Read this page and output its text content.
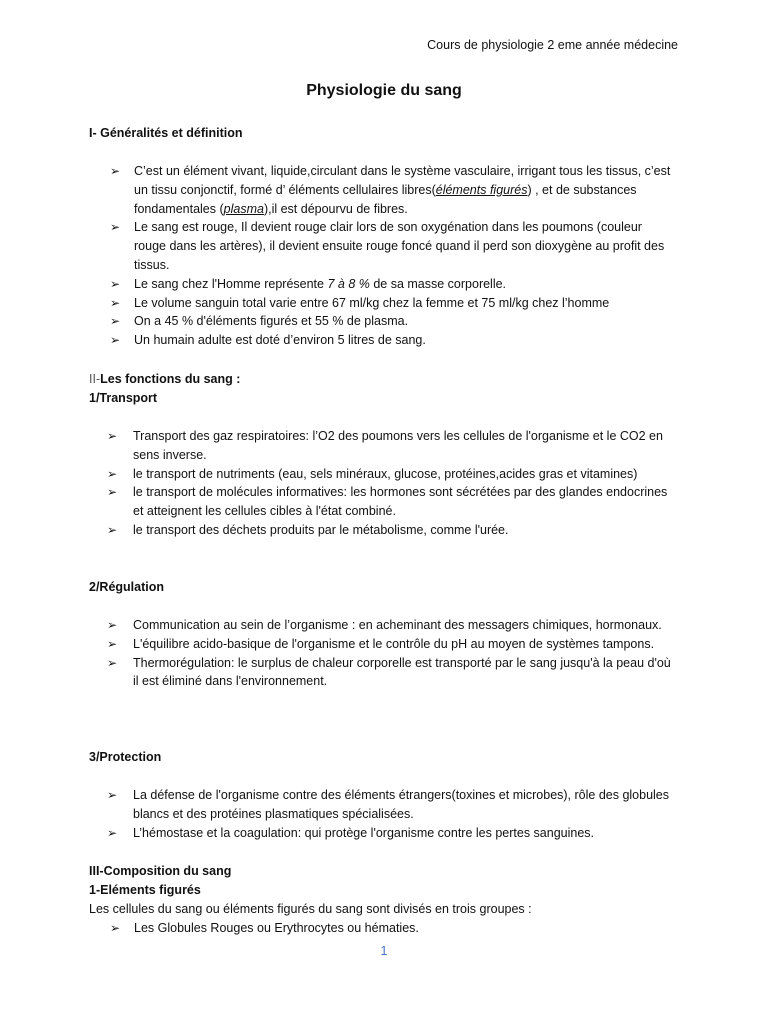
Cours de physiologie 2 eme année médecine
Physiologie du sang
I- Généralités et définition
➢	C’est un élément vivant, liquide,circulant dans le système vasculaire, irrigant tous les tissus, c’est un tissu conjonctif, formé d’ éléments cellulaires libres(éléments figurés) , et de substances fondamentales (plasma),il est dépourvu de fibres.
➢	Le sang est rouge, Il devient rouge clair lors de son oxygénation dans les poumons (couleur rouge dans les artères), il devient ensuite rouge foncé quand il perd son dioxygène au profit des tissus.
➢	Le sang chez l'Homme représente 7 à 8 % de sa masse corporelle.
➢	Le volume sanguin total varie entre 67 ml/kg chez la femme et 75 ml/kg chez l’homme
➢	On a 45 % d'éléments figurés et 55 % de plasma.
➢	Un humain adulte est doté d’environ 5 litres de sang.
II-Les fonctions du sang :
1/Transport
➢	Transport des gaz respiratoires: l’O2 des poumons vers les cellules de l'organisme et le CO2 en sens inverse.
➢	le transport de nutriments (eau, sels minéraux, glucose, protéines,acides gras et vitamines)
➢	le transport de molécules informatives: les hormones sont sécrétées par des glandes endocrines et atteignent les cellules cibles à l'état combiné.
➢	le transport des déchets produits par le métabolisme, comme l'urée.
2/Régulation
➢	Communication au sein de l’organisme : en acheminant des messagers chimiques, hormonaux.
➢	L'équilibre acido-basique de l'organisme et le contrôle du pH au moyen de systèmes tampons.
➢	Thermorégulation: le surplus de chaleur corporelle est transporté par le sang jusqu'à la peau d'où il est éliminé dans l'environnement.
3/Protection
➢	La défense de l'organisme contre des éléments étrangers(toxines et microbes), rôle des globules blancs et des protéines plasmatiques spécialisées.
➢	L’hémostase et la coagulation: qui protège l'organisme contre les pertes sanguines.
III-Composition du sang
1-Eléments figurés
Les cellules du sang ou éléments figurés du sang sont divisés en trois groupes :
➢	Les Globules Rouges ou Erythrocytes ou hématies.
1
